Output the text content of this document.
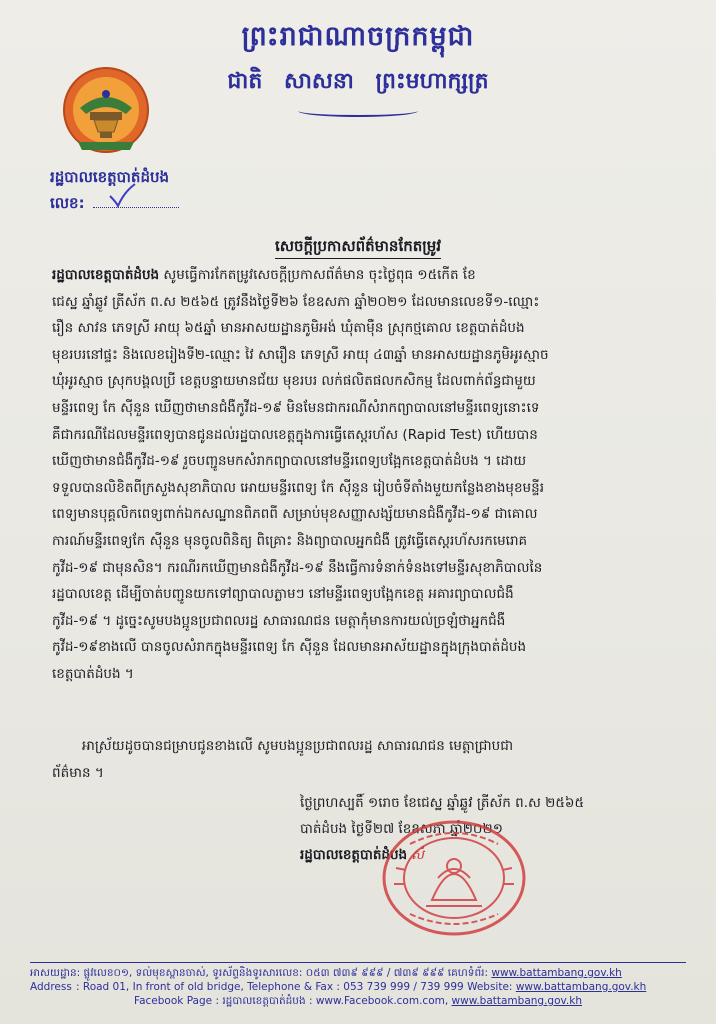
ព្រះរាជាណាចក្រកម្ពុជា
ជាតិ សាសនា ព្រះមហាក្សត្រ
រដ្ឋបាលខេត្តបាត់ដំបង
លេខ:
សេចក្តីប្រកាសព័ត៌មានកែតម្រូវ

រដ្ឋបាលខេត្តបាត់ដំបង សូមធ្វើការកែតម្រូវសេចក្តីប្រកាសព័ត៌មាន ចុះថ្ងៃពុធ ១៥កើត ខែ

ជេស្ឋ ឆ្នាំឆ្លូវ ត្រីស័ក ព.ស ២៥៦៥ ត្រូវនឹងថ្ងៃទី២៦ ខែឧសភា ឆ្នាំ២០២១ ដែលមានលេខទី១-ឈ្មោះ

រឿន សាវន ភេទស្រី អាយុ ៦៥ឆ្នាំ មានអាសយដ្ឋានភូមិអង់ ឃុំតាម៉ឺន ស្រុកថ្មគោល ខេត្តបាត់ដំបង

មុខរបរនៅផ្ទះ និងលេខរៀងទី២-ឈ្មោះ វៃ សារឿន ភេទស្រី អាយុ ៤៣ឆ្នាំ មានអាសយដ្ឋានភូមិអូរស្មាច

ឃុំអូរស្មាច ស្រុកបង្គលប្រី ខេត្តបន្ទាយមានជ័យ មុខរបរ លក់ផលិតផលកសិកម្ម ដែលពាក់ព័ន្ធជាមួយ

មន្ទីរពេទ្យ កែ ស៊ីនួន ឃើញថាមានជំងឺកូវីដ-១៩ មិនមែនជាករណីសំរាកព្យាបាលនៅមន្ទីរពេទ្យនោះទេ

គឺជាករណីដែលមន្ទីរពេទ្យបានជូនដល់រដ្ឋបាលខេត្តក្នុងការធ្វើតេស្តរហ័ស (Rapid Test) ហើយបាន

ឃើញថាមានជំងឺកូវីដ-១៩ រួចបញ្ជូនមកសំរាកព្យាបាលនៅមន្ទីរពេទ្យបង្អែកខេត្តបាត់ដំបង ។ ដោយ

ទទួលបានលិខិតពីក្រសួងសុខាភិបាល អោយមន្ទីរពេទ្យ កែ ស៊ីនួន រៀបចំទីតាំងមួយកន្លែងខាងមុខមន្ទីរ

ពេទ្យមានបុគ្គលិកពេទ្យពាក់ឯកសណ្ឋានពិភពពី សម្រាប់មុខសញ្ញាសង្ស័យមានជំងឺកូវីដ-១៩ ជាគោល

ការណ៍មន្ទីរពេទ្យកែ ស៊ីនួន មុនចូលពិនិត្យ ពិគ្រោះ និងព្យាបាលអ្នកជំងឺ ត្រូវធ្វើតេស្តរហ័សរកមេរោគ

កូវីដ-១៩ ជាមុនសិន។ ករណីរកឃើញមានជំងឺកូវីដ-១៩ នឹងធ្វើការទំនាក់ទំនងទៅមន្ទីរសុខាភិបាលនៃ

រដ្ឋបាលខេត្ត ដើម្បីចាត់បញ្ជូនយកទៅព្យាបាលភ្លាមៗ នៅមន្ទីរពេទ្យបង្អែកខេត្ត អគារព្យាបាលជំងឺ

កូវីដ-១៩ ។ ដូច្នេះសូមបងប្អូនប្រជាពលរដ្ឋ សាធារណជន មេត្តាកុំមានការយល់ច្រឡំថាអ្នកជំងឺ

កូវីដ-១៩ខាងលើ បានចូលសំរាកក្នុងមន្ទីរពេទ្យ កែ ស៊ីនួន ដែលមានអាស័យដ្ឋានក្នុងក្រុងបាត់ដំបង

ខេត្តបាត់ដំបង ។

អាស្រ័យដូចបានជម្រាបជូនខាងលើ សូមបងប្អូនប្រជាពលរដ្ឋ សាធារណជន មេត្តាជ្រាបជា

ព័ត៌មាន ។

ថ្ងៃព្រហស្បតិ៍ ១រោច ខែជេស្ឋ ឆ្នាំឆ្លូវ ត្រីស័ក ព.ស ២៥៦៥
បាត់ដំបង ថ្ងៃទី២៧ ខែឧសភា ឆ្នាំ២០២១
រដ្ឋបាលខេត្តបាត់ដំបង សំ
អាសយដ្ឋាន: ផ្លូវលេខ០១, ទល់មុខស្ពានចាស់, ទូរស័ព្ទនិងទូរសារលេខ: ០៥៣ ៧៣៩ ៩៩៩ / ៧៣៩ ៩៩៩ គេហទំព័រ: www.battambang.gov.kh
Address : Road 01, In front of old bridge, Telephone & Fax : 053 739 999 / 739 999 Website: www.battambang.gov.kh
Facebook Page : រដ្ឋបាលខេត្តបាត់ដំបង : www.Facebook.com.com, www.battambang.gov.kh
